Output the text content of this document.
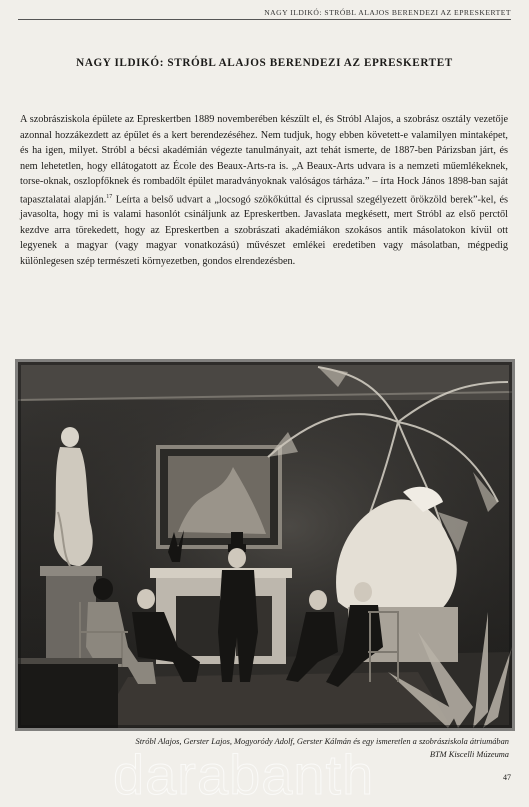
NAGY ILDIKÓ: STRÓBL ALAJOS BERENDEZI AZ EPRESKERTET
NAGY ILDIKÓ: STRÓBL ALAJOS BERENDEZI AZ EPRESKERTET

A szobrásziskola épülete az Epreskertben 1889 novemberében készült el, és Stróbl Alajos, a szobrász osztály vezetője azonnal hozzákezdett az épület és a kert berendezéséhez. Nem tudjuk, hogy ebben követett-e valamilyen mintaképet, és ha igen, milyet. Stróbl a bécsi akadémián végezte tanulmányait, azt tehát ismerte, de 1887-ben Párizsban járt, és nem lehetetlen, hogy ellátogatott az École des Beaux-Arts-ra is. „A Beaux-Arts udvara is a nemzeti műemlékeknek, torse-oknak, oszlopfőknek és rombadőlt épület maradványoknak valóságos tárháza.” – írta Hock János 1898-ban saját tapasztalatai alapján.$^{17}$ Leírta a belső udvart a „locsogó szökőkúttal és ciprussal szegélyezett örökzöld berek”-kel, és javasolta, hogy mi is valami hasonlót csináljunk az Epreskertben. Javaslata megkésett, mert Stróbl az első perctől kezdve arra törekedett, hogy az Epreskertben a szobrászati akadémiákon szokásos antik másolatokon kívül ott legyenek a magyar (vagy magyar vonatkozású) művészet emlékei eredetiben vagy másolatban, mégpedig különlegesen szép természeti környezetben, gondos elrendezésben.

darabanth
Stróbl Alajos, Gerster Lajos, Mogyoródy Adolf, Gerster Kálmán és egy ismeretlen a szobrásziskola átriumában
BTM Kiscelli Múzeuma
47
